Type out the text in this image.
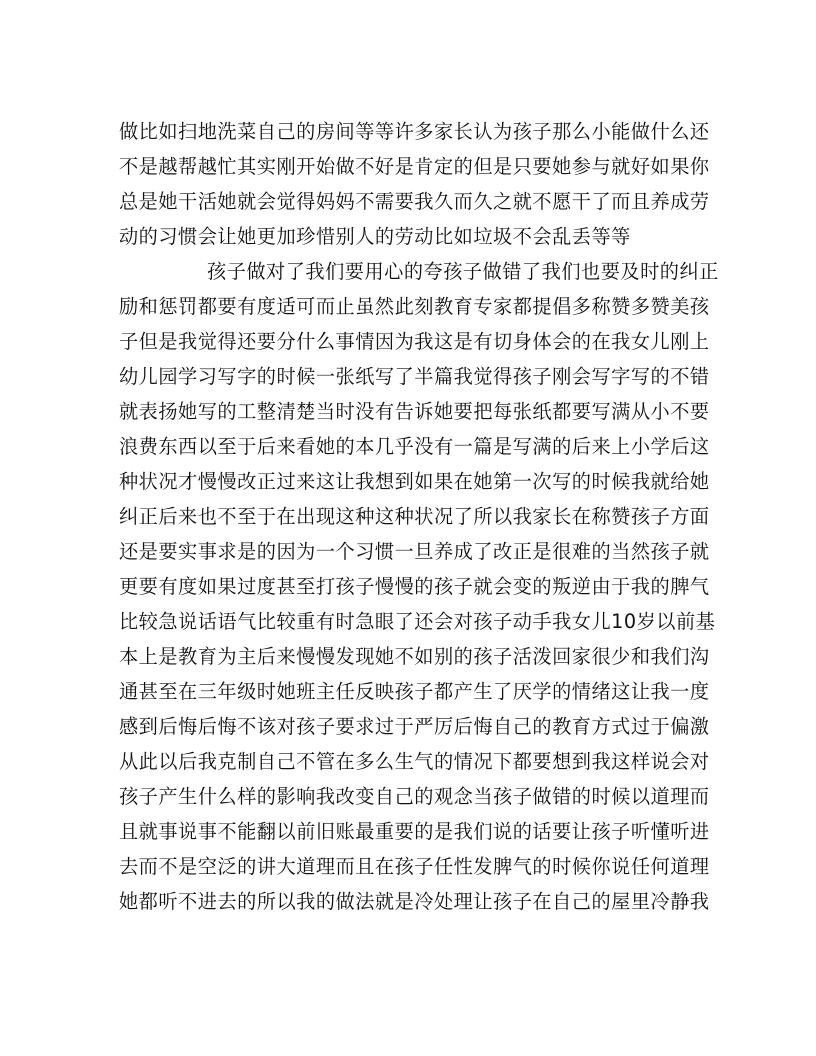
做比如扫地洗菜自己的房间等等许多家长认为孩子那么小能做什么还
不是越帮越忙其实刚开始做不好是肯定的但是只要她参与就好如果你
总是她干活她就会觉得妈妈不需要我久而久之就不愿干了而且养成劳
动的习惯会让她更加珍惜别人的劳动比如垃圾不会乱丢等等
孩子做对了我们要用心的夸孩子做错了我们也要及时的纠正
励和惩罚都要有度适可而止虽然此刻教育专家都提倡多称赞多赞美孩
子但是我觉得还要分什么事情因为我这是有切身体会的在我女儿刚上
幼儿园学习写字的时候一张纸写了半篇我觉得孩子刚会写字写的不错
就表扬她写的工整清楚当时没有告诉她要把每张纸都要写满从小不要
浪费东西以至于后来看她的本几乎没有一篇是写满的后来上小学后这
种状况才慢慢改正过来这让我想到如果在她第一次写的时候我就给她
纠正后来也不至于在出现这种这种状况了所以我家长在称赞孩子方面
还是要实事求是的因为一个习惯一旦养成了改正是很难的当然孩子就
更要有度如果过度甚至打孩子慢慢的孩子就会变的叛逆由于我的脾气
比较急说话语气比较重有时急眼了还会对孩子动手我女儿10岁以前基
本上是教育为主后来慢慢发现她不如别的孩子活泼回家很少和我们沟
通甚至在三年级时她班主任反映孩子都产生了厌学的情绪这让我一度
感到后悔后悔不该对孩子要求过于严厉后悔自己的教育方式过于偏激
从此以后我克制自己不管在多么生气的情况下都要想到我这样说会对
孩子产生什么样的影响我改变自己的观念当孩子做错的时候以道理而
且就事说事不能翻以前旧账最重要的是我们说的话要让孩子听懂听进
去而不是空泛的讲大道理而且在孩子任性发脾气的时候你说任何道理
她都听不进去的所以我的做法就是冷处理让孩子在自己的屋里冷静我
